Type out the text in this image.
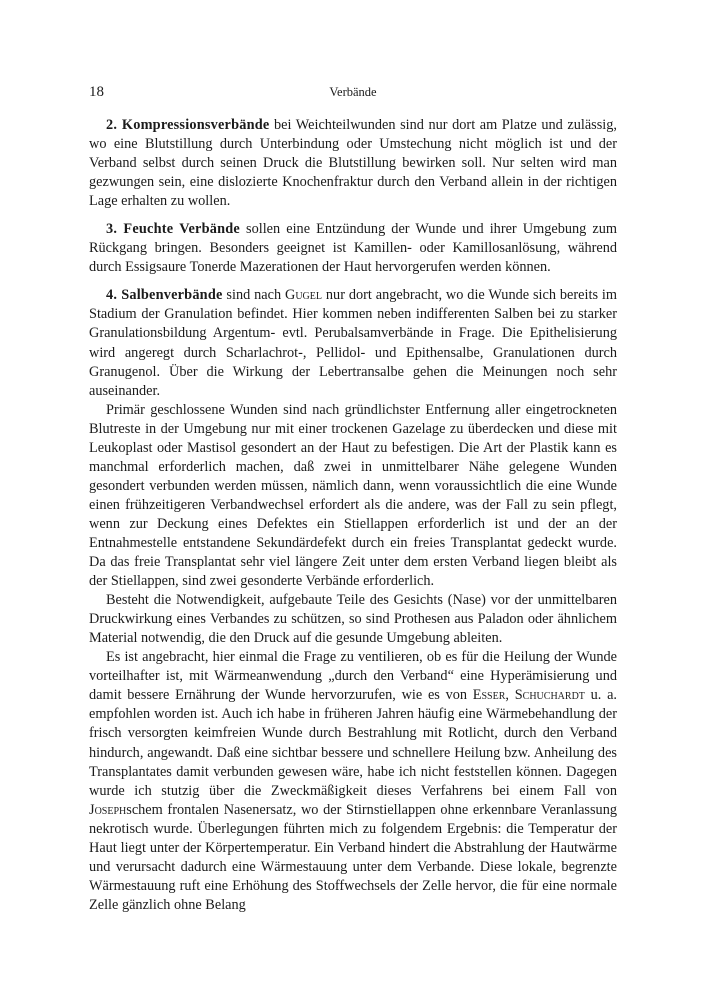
18	Verbände

2. Kompressionsverbände bei Weichteilwunden sind nur dort am Platze und zulässig, wo eine Blutstillung durch Unterbindung oder Umstechung nicht möglich ist und der Verband selbst durch seinen Druck die Blutstillung bewirken soll. Nur selten wird man gezwungen sein, eine dislozierte Knochenfraktur durch den Verband allein in der richtigen Lage erhalten zu wollen.

3. Feuchte Verbände sollen eine Entzündung der Wunde und ihrer Umgebung zum Rückgang bringen. Besonders geeignet ist Kamillen- oder Kamillosanlösung, während durch Essigsaure Tonerde Mazerationen der Haut hervorgerufen werden können.

4. Salbenverbände sind nach Gugel nur dort angebracht, wo die Wunde sich bereits im Stadium der Granulation befindet. Hier kommen neben indifferenten Salben bei zu starker Granulationsbildung Argentum- evtl. Perubalsamverbände in Frage. Die Epithelisierung wird angeregt durch Scharlachrot-, Pellidol- und Epithensalbe, Granulationen durch Granugenol. Über die Wirkung der Lebertransalbe gehen die Meinungen noch sehr auseinander.

Primär geschlossene Wunden sind nach gründlichster Entfernung aller eingetrockneten Blutreste in der Umgebung nur mit einer trockenen Gazelage zu überdecken und diese mit Leukoplast oder Mastisol gesondert an der Haut zu befestigen. Die Art der Plastik kann es manchmal erforderlich machen, daß zwei in unmittelbarer Nähe gelegene Wunden gesondert verbunden werden müssen, nämlich dann, wenn voraussichtlich die eine Wunde einen frühzeitigeren Verbandwechsel erfordert als die andere, was der Fall zu sein pflegt, wenn zur Deckung eines Defektes ein Stiellappen erforderlich ist und der an der Entnahmestelle entstandene Sekundärdefekt durch ein freies Transplantat gedeckt wurde. Da das freie Transplantat sehr viel längere Zeit unter dem ersten Verband liegen bleibt als der Stiellappen, sind zwei gesonderte Verbände erforderlich.

Besteht die Notwendigkeit, aufgebaute Teile des Gesichts (Nase) vor der unmittelbaren Druckwirkung eines Verbandes zu schützen, so sind Prothesen aus Paladon oder ähnlichem Material notwendig, die den Druck auf die gesunde Umgebung ableiten.

Es ist angebracht, hier einmal die Frage zu ventilieren, ob es für die Heilung der Wunde vorteilhafter ist, mit Wärmeanwendung „durch den Verband“ eine Hyperämisierung und damit bessere Ernährung der Wunde hervorzurufen, wie es von Esser, Schuchardt u. a. empfohlen worden ist. Auch ich habe in früheren Jahren häufig eine Wärmebehandlung der frisch versorgten keimfreien Wunde durch Bestrahlung mit Rotlicht, durch den Verband hindurch, angewandt. Daß eine sichtbar bessere und schnellere Heilung bzw. Anheilung des Transplantates damit verbunden gewesen wäre, habe ich nicht feststellen können. Dagegen wurde ich stutzig über die Zweckmäßigkeit dieses Verfahrens bei einem Fall von Josephschem frontalen Nasenersatz, wo der Stirnstiellappen ohne erkennbare Veranlassung nekrotisch wurde. Überlegungen führten mich zu folgendem Ergebnis: die Temperatur der Haut liegt unter der Körpertemperatur. Ein Verband hindert die Abstrahlung der Hautwärme und verursacht dadurch eine Wärmestauung unter dem Verbande. Diese lokale, begrenzte Wärmestauung ruft eine Erhöhung des Stoffwechsels der Zelle hervor, die für eine normale Zelle gänzlich ohne Belang
